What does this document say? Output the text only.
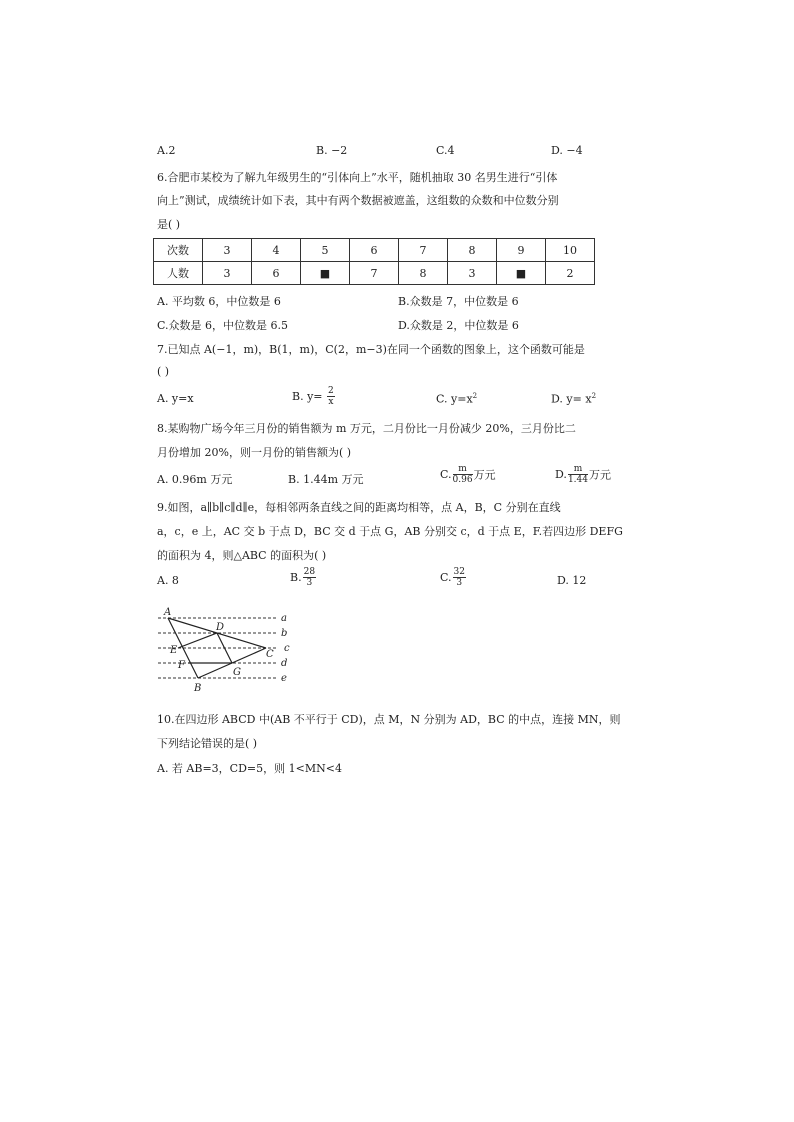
A.2	B. −2	C.4	D. −4
6.合肥市某校为了解九年级男生的“引体向上”水平，随机抽取 30 名男生进行“引体
向上”测试，成绩统计如下表，其中有两个数据被遮盖，这组数的众数和中位数分别
是( )
次数	3	4	5	6	7	8	9	10
人数	3	6	■	7	8	3	■	2
A. 平均数 6，中位数是 6	B.众数是 7，中位数是 6
C.众数是 6，中位数是 6.5	D.众数是 2，中位数是 6
7.已知点 A(−1，m)，B(1，m)，C(2，m−3)在同一个函数的图象上，这个函数可能是
( )
A. y=x	B. $y= \frac{2}{x}$	C. $y=x^2$	D. $y= x^2$
8.某购物广场今年三月份的销售额为 m 万元，二月份比一月份减少 20%，三月份比二
月份增加 20%，则一月份的销售额为( )
A. 0.96m 万元	B. 1.44m 万元	C. $\frac{m}{0.96}$ 万元	D. $\frac{m}{1.44}$ 万元
9.如图，a∥b∥c∥d∥e，每相邻两条直线之间的距离均相等，点 A，B，C 分别在直线
a，c，e 上，AC 交 b 于点 D，BC 交 d 于点 G，AB 分别交 c，d 于点 E，F.若四边形 DEFG
的面积为 4，则△ABC 的面积为( )
A. 8	B. $\frac{28}{3}$	C. $\frac{32}{3}$	D. 12
A
B
C
D
E
F
G
a
b
c
d
e
10.在四边形 ABCD 中(AB 不平行于 CD)，点 M，N 分别为 AD，BC 的中点，连接 MN，则
下列结论错误的是( )
A. 若 AB=3，CD=5，则 1<MN<4
